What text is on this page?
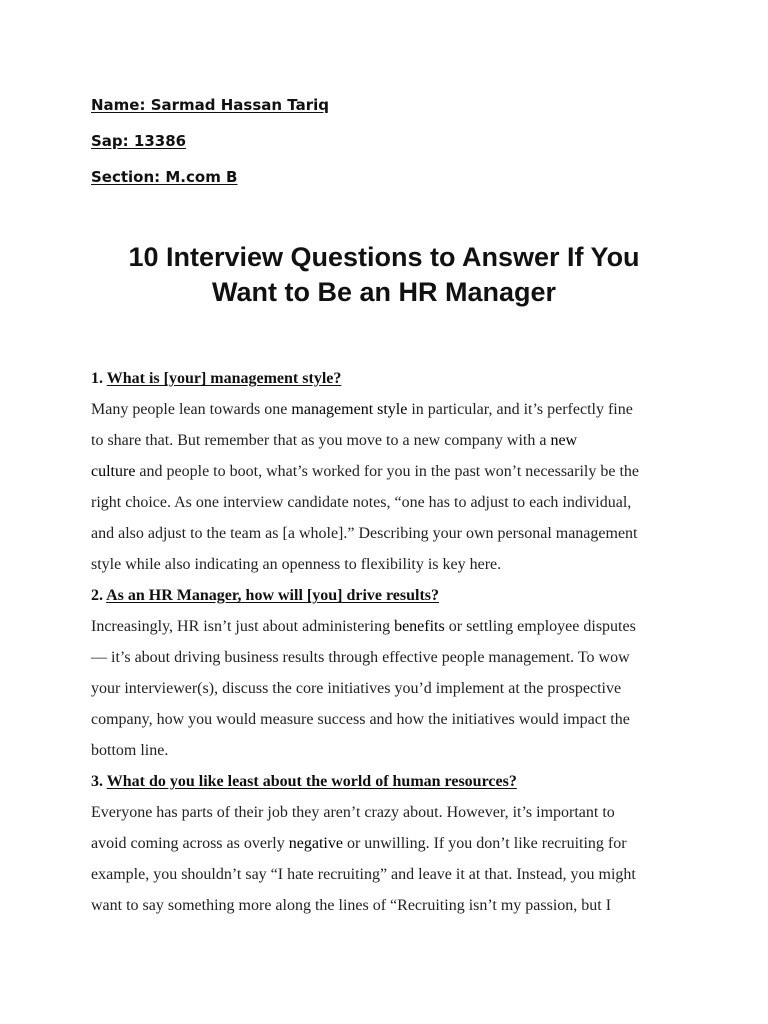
Name: Sarmad Hassan Tariq
Sap: 13386
Section: M.com B
10 Interview Questions to Answer If You
Want to Be an HR Manager
1. What is [your] management style?
Many people lean towards one management style in particular, and it’s perfectly fine
to share that. But remember that as you move to a new company with a new
culture and people to boot, what’s worked for you in the past won’t necessarily be the
right choice. As one interview candidate notes, “one has to adjust to each individual,
and also adjust to the team as [a whole].” Describing your own personal management
style while also indicating an openness to flexibility is key here.
2. As an HR Manager, how will [you] drive results?
Increasingly, HR isn’t just about administering benefits or settling employee disputes
— it’s about driving business results through effective people management. To wow
your interviewer(s), discuss the core initiatives you’d implement at the prospective
company, how you would measure success and how the initiatives would impact the
bottom line.
3. What do you like least about the world of human resources?
Everyone has parts of their job they aren’t crazy about. However, it’s important to
avoid coming across as overly negative or unwilling. If you don’t like recruiting for
example, you shouldn’t say “I hate recruiting” and leave it at that. Instead, you might
want to say something more along the lines of “Recruiting isn’t my passion, but I
